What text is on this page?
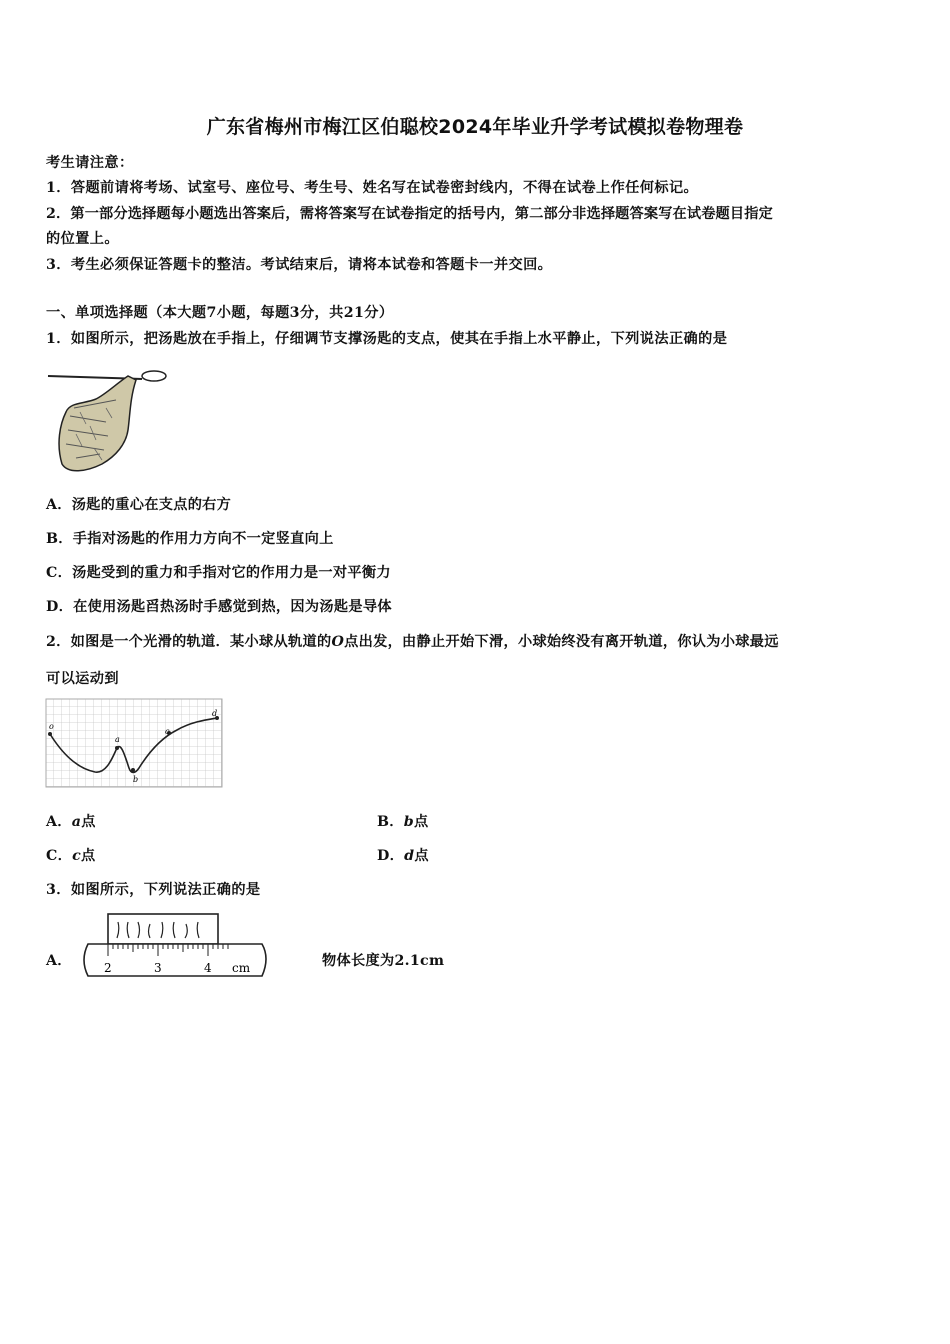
广东省梅州市梅江区伯聪校2024年毕业升学考试模拟卷物理卷
考生请注意：
1．答题前请将考场、试室号、座位号、考生号、姓名写在试卷密封线内，不得在试卷上作任何标记。
2．第一部分选择题每小题选出答案后，需将答案写在试卷指定的括号内，第二部分非选择题答案写在试卷题目指定
的位置上。
3．考生必须保证答题卡的整洁。考试结束后，请将本试卷和答题卡一并交回。
一、单项选择题（本大题7小题，每题3分，共21分）
1．如图所示，把汤匙放在手指上，仔细调节支撑汤匙的支点，使其在手指上水平静止，下列说法正确的是
A．汤匙的重心在支点的右方
B．手指对汤匙的作用力方向不一定竖直向上
C．汤匙受到的重力和手指对它的作用力是一对平衡力
D．在使用汤匙舀热汤时手感觉到热，因为汤匙是导体
2．如图是一个光滑的轨道．某小球从轨道的O点出发，由静止开始下滑，小球始终没有离开轨道，你认为小球最远
可以运动到
o
a
b
c
d
A．a点	B．b点
C．c点	D．d点
3．如图所示，下列说法正确的是
A．	2	3	4 cm	物体长度为2.1cm
